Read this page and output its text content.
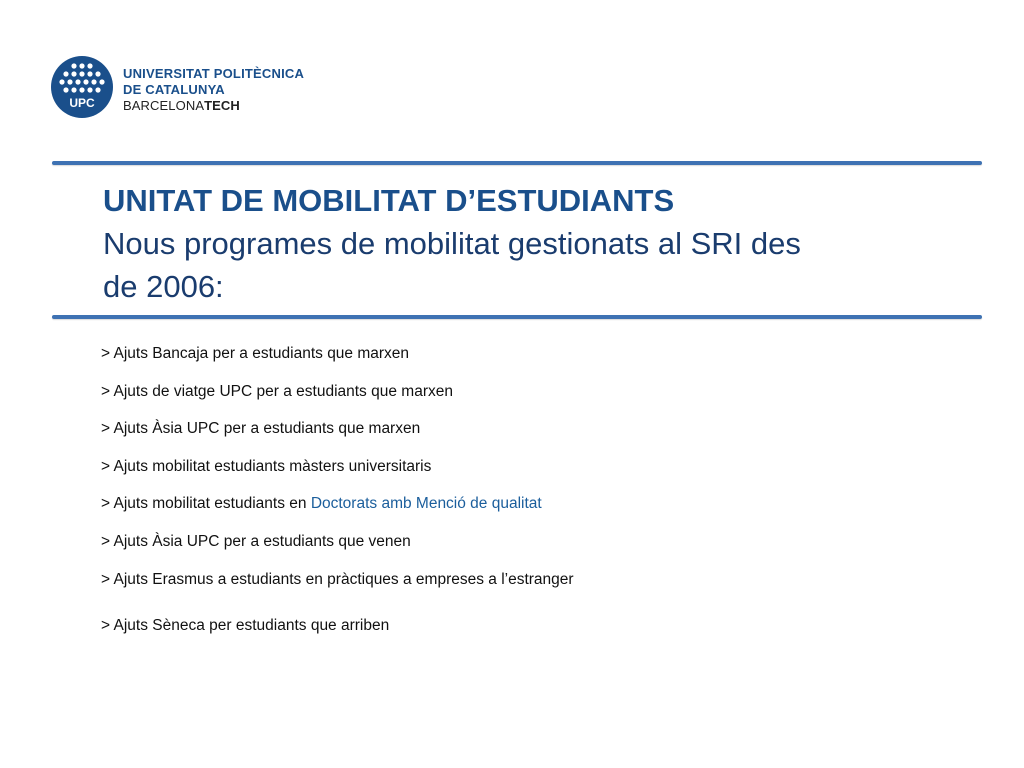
UPC
UNIVERSITAT POLITÈCNICA
DE CATALUNYA
BARCELONATECH
UNITAT DE MOBILITAT D’ESTUDIANTS
Nous programes de mobilitat gestionats al SRI des de 2006:
> Ajuts Bancaja per a estudiants que marxen
> Ajuts de viatge UPC per a estudiants que marxen
> Ajuts Àsia UPC per a estudiants que marxen
> Ajuts mobilitat estudiants màsters universitaris
> Ajuts mobilitat estudiants en Doctorats amb Menció de qualitat
> Ajuts Àsia UPC per a estudiants que venen
> Ajuts Erasmus a estudiants en pràctiques a empreses a l’estranger
> Ajuts Sèneca per estudiants que arriben
